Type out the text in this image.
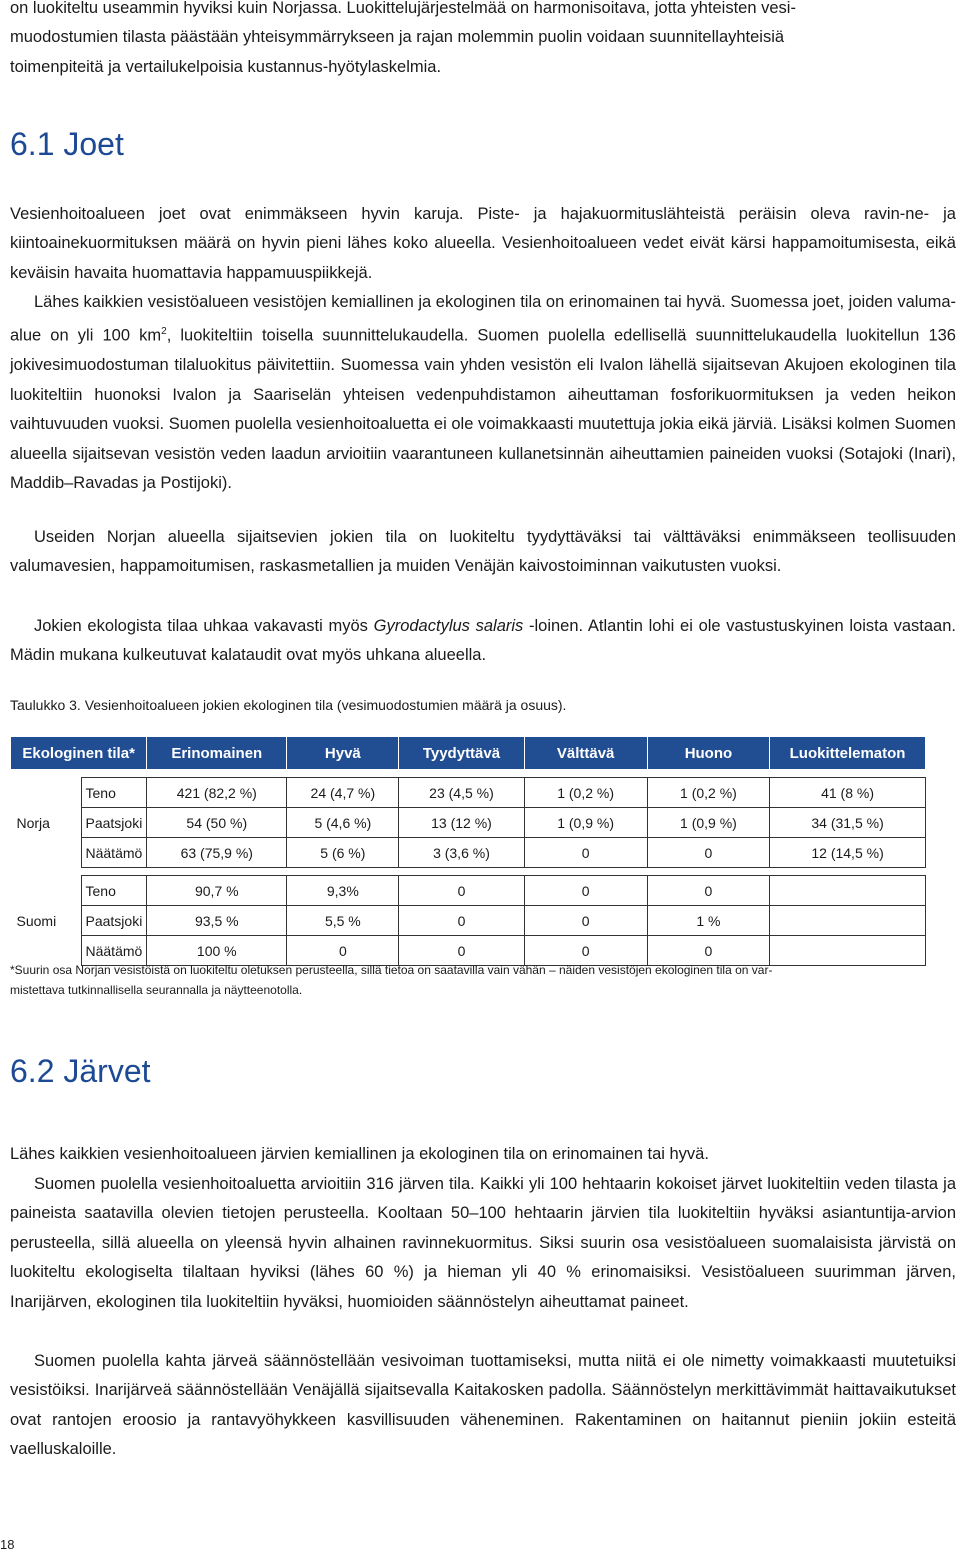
on luokiteltu useammin hyviksi kuin Norjassa. Luokittelujärjestelmää on harmonisoitava, jotta yhteisten vesi-
muodostumien tilasta päästään yhteisymmärrykseen ja rajan molemmin puolin voidaan suunnitellayhteisiä
toimenpiteitä ja vertailukelpoisia kustannus-hyötylaskelmia.

6.1 Joet

Vesienhoitoalueen joet ovat enimmäkseen hyvin karuja. Piste- ja hajakuormituslähteistä peräisin oleva ravin-ne- ja kiintoainekuormituksen määrä on hyvin pieni lähes koko alueella. Vesienhoitoalueen vedet eivät kärsi happamoitumisesta, eikä keväisin havaita huomattavia happamuuspiikkejä.

Lähes kaikkien vesistöalueen vesistöjen kemiallinen ja ekologinen tila on erinomainen tai hyvä. Suomessa joet, joiden valuma-alue on yli 100 $km^2$, luokiteltiin toisella suunnittelukaudella. Suomen puolella edellisellä suunnittelukaudella luokitellun 136 jokivesimuodostuman tilaluokitus päivitettiin. Suomessa vain yhden vesistön eli Ivalon lähellä sijaitsevan Akujoen ekologinen tila luokiteltiin huonoksi Ivalon ja Saariselän yhteisen vedenpuhdistamon aiheuttaman fosforikuormituksen ja veden heikon vaihtuvuuden vuoksi. Suomen puolella vesienhoitoaluetta ei ole voimakkaasti muutettuja jokia eikä järviä. Lisäksi kolmen Suomen alueella sijaitsevan vesistön veden laadun arvioitiin vaarantuneen kullanetsinnän aiheuttamien paineiden vuoksi (Sotajoki (Inari), Maddib–Ravadas ja Postijoki).

Useiden Norjan alueella sijaitsevien jokien tila on luokiteltu tyydyttäväksi tai välttäväksi enimmäkseen teollisuuden valumavesien, happamoitumisen, raskasmetallien ja muiden Venäjän kaivostoiminnan vaikutusten vuoksi.

Jokien ekologista tilaa uhkaa vakavasti myös Gyrodactylus salaris -loinen. Atlantin lohi ei ole vastustuskyinen loista vastaan. Mädin mukana kulkeutuvat kalataudit ovat myös uhkana alueella.

Taulukko 3. Vesienhoitoalueen jokien ekologinen tila (vesimuodostumien määrä ja osuus).

Ekologinen tila*		Erinomainen	Hyvä	Tyydyttävä	Välttävä	Huono	Luokittelematon

Norja	Teno	421 (82,2 %)	24 (4,7 %)	23 (4,5 %)	1 (0,2 %)	1 (0,2 %)	41 (8 %)
	Paatsjoki	54 (50 %)	5 (4,6 %)	13 (12 %)	1 (0,9 %)	1 (0,9 %)	34 (31,5 %)
	Näätämö	63 (75,9 %)	5 (6 %)	3 (3,6 %)	0	0	12 (14,5 %)

Suomi	Teno	90,7 %	9,3%	0	0	0	
	Paatsjoki	93,5 %	5,5 %	0	0	1 %	
	Näätämö	100 %	0	0	0	0	

*Suurin osa Norjan vesistöistä on luokiteltu oletuksen perusteella, sillä tietoa on saatavilla vain vähän – näiden vesistöjen ekologinen tila on var-
mistettava tutkinnallisella seurannalla ja näytteenotolla.

6.2 Järvet

Lähes kaikkien vesienhoitoalueen järvien kemiallinen ja ekologinen tila on erinomainen tai hyvä.

Suomen puolella vesienhoitoaluetta arvioitiin 316 järven tila. Kaikki yli 100 hehtaarin kokoiset järvet luokiteltiin veden tilasta ja paineista saatavilla olevien tietojen perusteella. Kooltaan 50–100 hehtaarin järvien tila luokiteltiin hyväksi asiantuntija-arvion perusteella, sillä alueella on yleensä hyvin alhainen ravinnekuormitus. Siksi suurin osa vesistöalueen suomalaisista järvistä on luokiteltu ekologiselta tilaltaan hyviksi (lähes 60 %) ja hieman yli 40 % erinomaisiksi. Vesistöalueen suurimman järven, Inarijärven, ekologinen tila luokiteltiin hyväksi, huomioiden säännöstelyn aiheuttamat paineet.

Suomen puolella kahta järveä säännöstellään vesivoiman tuottamiseksi, mutta niitä ei ole nimetty voimakkaasti muutetuiksi vesistöiksi. Inarijärveä säännöstellään Venäjällä sijaitsevalla Kaitakosken padolla. Säännöstelyn merkittävimmät haittavaikutukset ovat rantojen eroosio ja rantavyöhykkeen kasvillisuuden väheneminen. Rakentaminen on haitannut pieniin jokiin esteitä vaelluskaloille.

18
